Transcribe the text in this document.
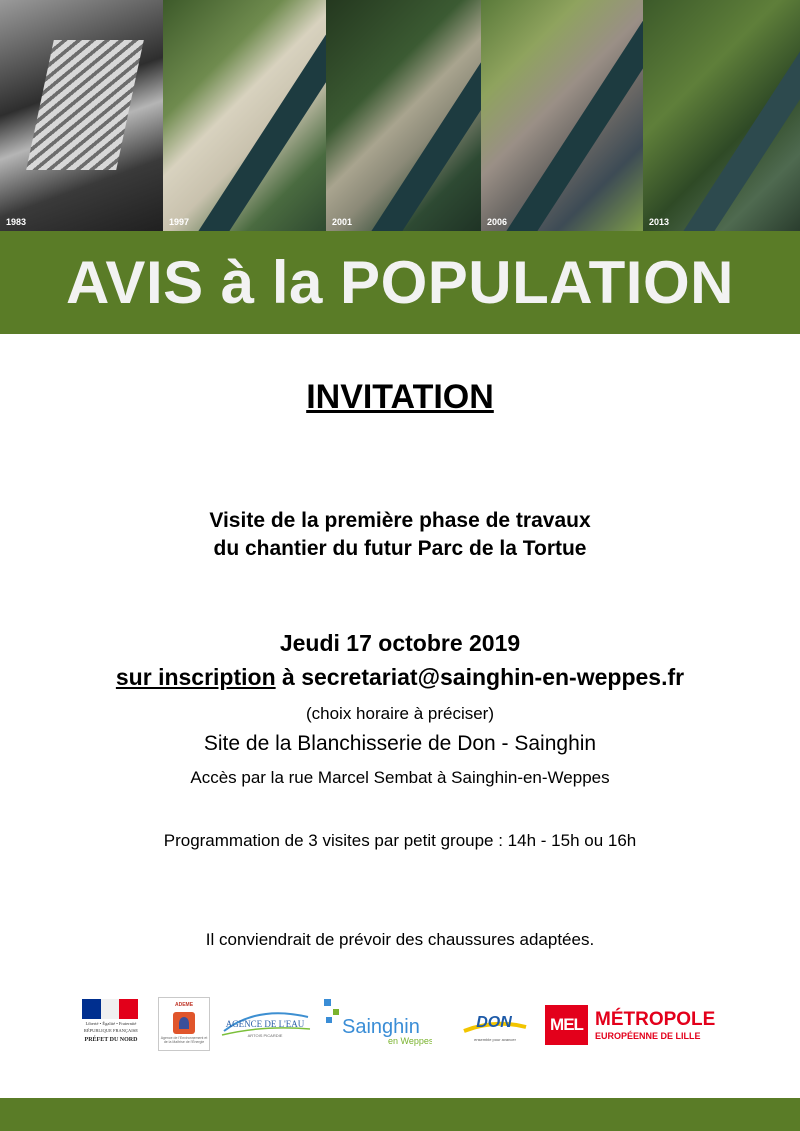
1983	1997	2001	2006	2013
AVIS à la POPULATION
INVITATION
Visite de la première phase de travaux
du chantier du futur Parc de la Tortue
Jeudi 17 octobre 2019
sur inscription à secretariat@sainghin-en-weppes.fr
(choix horaire à préciser)
Site de la Blanchisserie de Don - Sainghin
Accès par la rue Marcel Sembat à Sainghin-en-Weppes
Programmation de 3 visites par petit groupe : 14h - 15h ou 16h
Il conviendrait de prévoir des chaussures adaptées.
Liberté • Égalité • Fraternité
RÉPUBLIQUE FRANÇAISE
PRÉFET DU NORD
ADEME
Agence de l'Environnement et de la Maîtrise de l'Énergie
AGENCE DE L'EAU
ARTOIS PICARDIE	Sainghin
en Weppes
DON
ensemble pour avancer
MEL MÉTROPOLE
EUROPÉENNE DE LILLE
